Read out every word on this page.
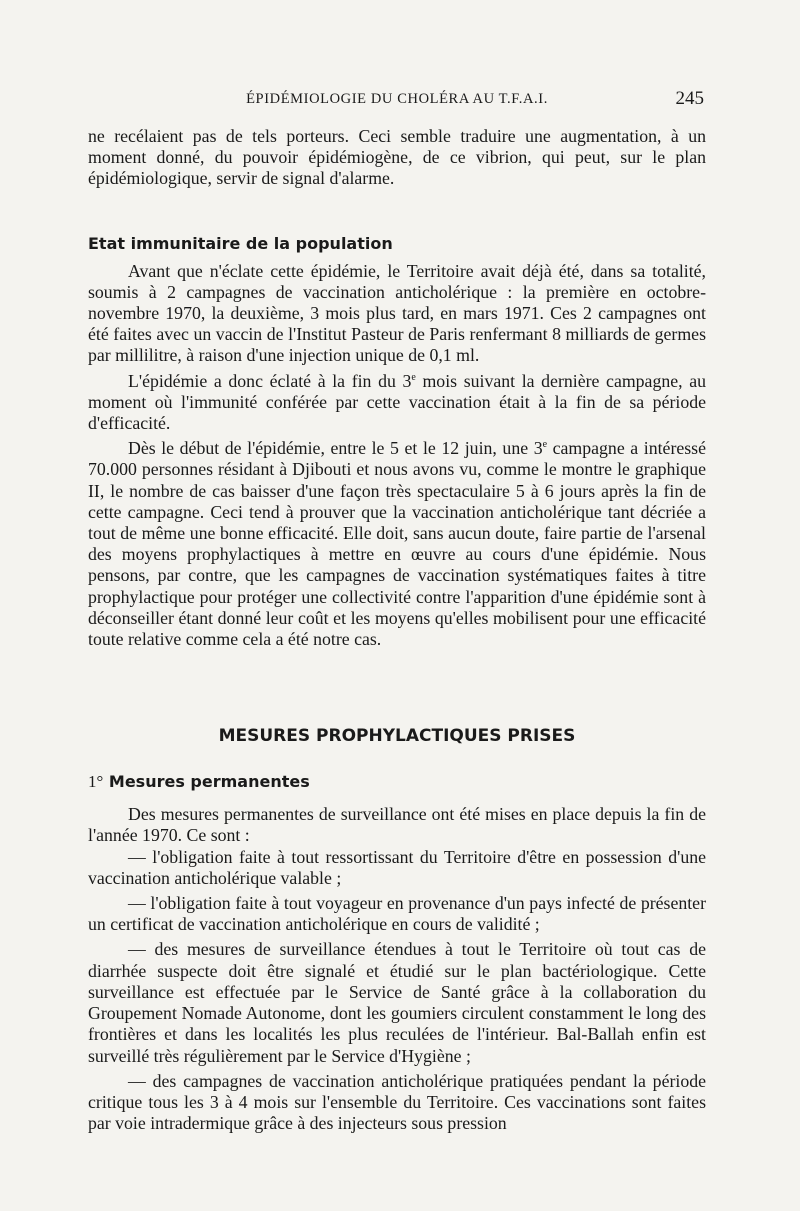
ÉPIDÉMIOLOGIE DU CHOLÉRA AU T.F.A.I.	245

ne recélaient pas de tels porteurs. Ceci semble traduire une augmentation, à un moment donné, du pouvoir épidémiogène, de ce vibrion, qui peut, sur le plan épidémiologique, servir de signal d'alarme.

Etat immunitaire de la population

Avant que n'éclate cette épidémie, le Territoire avait déjà été, dans sa totalité, soumis à 2 campagnes de vaccination anticholérique : la première en octobre-novembre 1970, la deuxième, 3 mois plus tard, en mars 1971. Ces 2 campagnes ont été faites avec un vaccin de l'Institut Pasteur de Paris renfermant 8 milliards de germes par millilitre, à raison d'une injection unique de 0,1 ml.

L'épidémie a donc éclaté à la fin du 3e mois suivant la dernière campagne, au moment où l'immunité conférée par cette vaccination était à la fin de sa période d'efficacité.

Dès le début de l'épidémie, entre le 5 et le 12 juin, une 3e campagne a intéressé 70.000 personnes résidant à Djibouti et nous avons vu, comme le montre le graphique II, le nombre de cas baisser d'une façon très spectaculaire 5 à 6 jours après la fin de cette campagne. Ceci tend à prouver que la vaccination anticholérique tant décriée a tout de même une bonne efficacité. Elle doit, sans aucun doute, faire partie de l'arsenal des moyens prophylactiques à mettre en œuvre au cours d'une épidémie. Nous pensons, par contre, que les campagnes de vaccination systématiques faites à titre prophylactique pour protéger une collectivité contre l'apparition d'une épidémie sont à déconseiller étant donné leur coût et les moyens qu'elles mobilisent pour une efficacité toute relative comme cela a été notre cas.

MESURES PROPHYLACTIQUES PRISES
1° Mesures permanentes

Des mesures permanentes de surveillance ont été mises en place depuis la fin de l'année 1970. Ce sont :

— l'obligation faite à tout ressortissant du Territoire d'être en possession d'une vaccination anticholérique valable ;

— l'obligation faite à tout voyageur en provenance d'un pays infecté de présenter un certificat de vaccination anticholérique en cours de validité ;

— des mesures de surveillance étendues à tout le Territoire où tout cas de diarrhée suspecte doit être signalé et étudié sur le plan bactériologique. Cette surveillance est effectuée par le Service de Santé grâce à la collaboration du Groupement Nomade Autonome, dont les goumiers circulent constamment le long des frontières et dans les localités les plus reculées de l'intérieur. Bal-Ballah enfin est surveillé très régulièrement par le Service d'Hygiène ;

— des campagnes de vaccination anticholérique pratiquées pendant la période critique tous les 3 à 4 mois sur l'ensemble du Territoire. Ces vaccinations sont faites par voie intradermique grâce à des injecteurs sous pression
